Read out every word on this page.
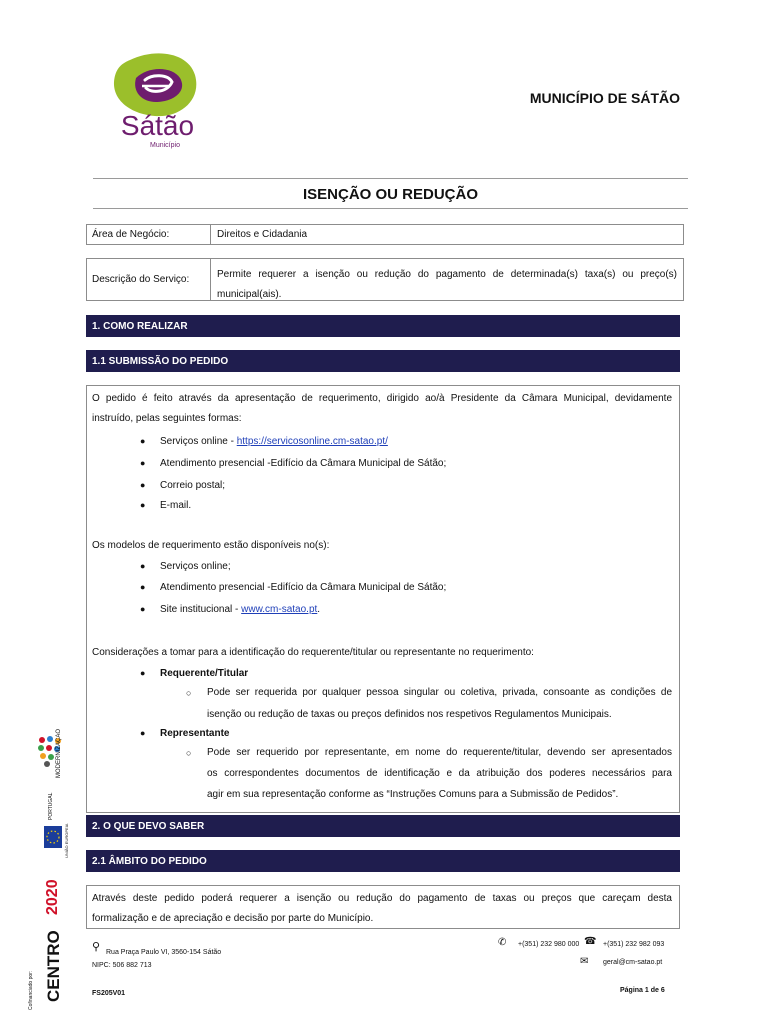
Sátão
Município
MUNICÍPIO DE SÁTÃO
ISENÇÃO OU REDUÇÃO
Área de Negócio:	Direitos e Cidadania
Descrição do Serviço:	Permite requerer a isenção ou redução do pagamento de determinada(s) taxa(s) ou preço(s)
municipal(ais).
1. COMO REALIZAR
1.1 SUBMISSÃO DO PEDIDO
O pedido é feito através da apresentação de requerimento, dirigido ao/à Presidente da Câmara Municipal, devidamente
instruído, pelas seguintes formas:
● Serviços online - https://servicosonline.cm-satao.pt/
● Atendimento presencial -Edifício da Câmara Municipal de Sátão;
● Correio postal;
● E-mail.
Os modelos de requerimento estão disponíveis no(s):
● Serviços online;
● Atendimento presencial -Edifício da Câmara Municipal de Sátão;
● Site institucional - www.cm-satao.pt.
Considerações a tomar para a identificação do requerente/titular ou representante no requerimento:
● Requerente/Titular
○ Pode ser requerida por qualquer pessoa singular ou coletiva, privada, consoante as condições de
isenção ou redução de taxas ou preços definidos nos respetivos Regulamentos Municipais.
● Representante
○ Pode ser requerido por representante, em nome do requerente/titular, devendo ser apresentados
os correspondentes documentos de identificação e da atribuição dos poderes necessários para
agir em sua representação conforme as “Instruções Comuns para a Submissão de Pedidos”.
2. O QUE DEVO SABER
2.1 ÂMBITO DO PEDIDO
Através deste pedido poderá requerer a isenção ou redução do pagamento de taxas ou preços que careçam desta
formalização e de apreciação e decisão por parte do Município.
⚲ Rua Praça Paulo VI, 3560-154 Sátão
NIPC: 506 882 713
✆ +(351) 232 980 000 ☎ +(351) 232 982 093
✉ geral@cm-satao.pt
FS205V01	Página 1 de 6
MODERNIZAÇÃO
PORTUGAL
UNIÃO EUROPEIA
2020
CENTRO
Cofinanciado por:
